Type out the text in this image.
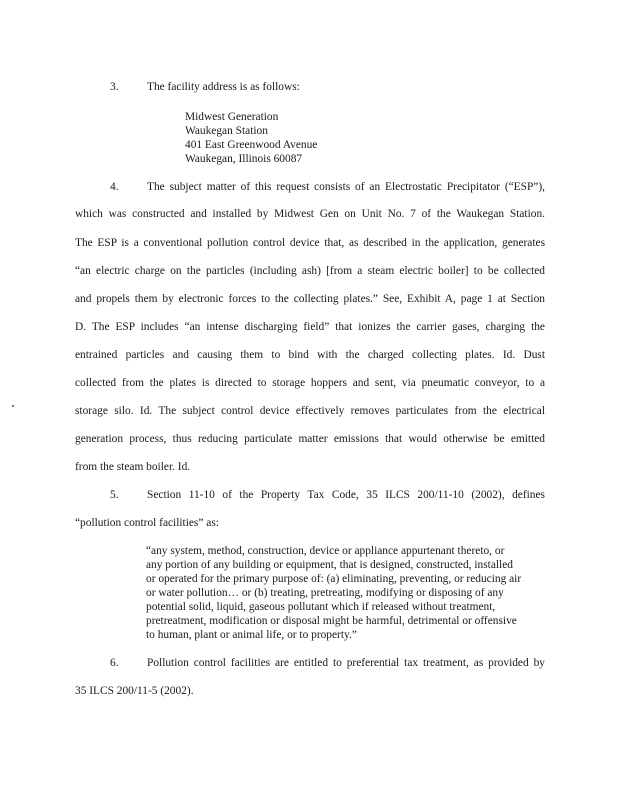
3. The facility address is as follows:
Midwest Generation
Waukegan Station
401 East Greenwood Avenue
Waukegan, Illinois 60087
4. The subject matter of this request consists of an Electrostatic Precipitator (“ESP”),
which was constructed and installed by Midwest Gen on Unit No. 7 of the Waukegan Station.
The ESP is a conventional pollution control device that, as described in the application, generates
“an electric charge on the particles (including ash) [from a steam electric boiler] to be collected
and propels them by electronic forces to the collecting plates.” See, Exhibit A, page 1 at Section
D. The ESP includes “an intense discharging field” that ionizes the carrier gases, charging the
entrained particles and causing them to bind with the charged collecting plates. Id. Dust
collected from the plates is directed to storage hoppers and sent, via pneumatic conveyor, to a
storage silo. Id. The subject control device effectively removes particulates from the electrical
generation process, thus reducing particulate matter emissions that would otherwise be emitted
from the steam boiler. Id.
5. Section 11-10 of the Property Tax Code, 35 ILCS 200/11-10 (2002), defines
“pollution control facilities” as:
“any system, method, construction, device or appliance appurtenant thereto, or
any portion of any building or equipment, that is designed, constructed, installed
or operated for the primary purpose of: (a) eliminating, preventing, or reducing air
or water pollution… or (b) treating, pretreating, modifying or disposing of any
potential solid, liquid, gaseous pollutant which if released without treatment,
pretreatment, modification or disposal might be harmful, detrimental or offensive
to human, plant or animal life, or to property.”
6. Pollution control facilities are entitled to preferential tax treatment, as provided by
35 ILCS 200/11-5 (2002).
